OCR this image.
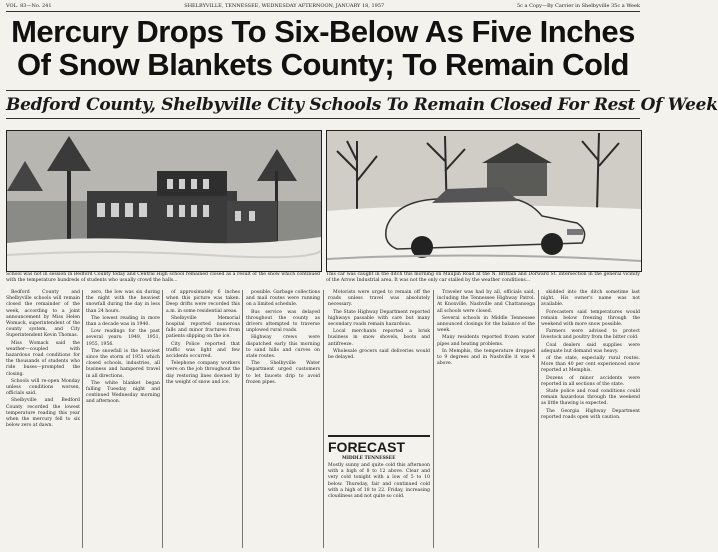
VOL. 83—No. 241	SHELBYVILLE, TENNESSEE, WEDNESDAY AFTERNOON, JANUARY 18, 1957	5c a Copy—By Carrier in Shelbyville 35c a Week
Mercury Drops To Six-Below As Five Inches
Of Snow Blankets County; To Remain Cold
Bedford County, Shelbyville City Schools To Remain Closed For Rest Of Week
School was not in session in Bedford County today and Central High school remained closed as a result of the snow which continued with the temperature hundreds of students who usually crowd the halls...
This car was caught in the ditch this morning on Maupin Road at the N. Brittain and Dorward St. intersection in the general vicinity of the Arrow Industrial area. It was not the only car stalled by the weather conditions...

Bedford County and Shelbyville schools will remain closed the remainder of the week, according to a joint announcement by Miss Helen Womack, superintendent of the county system, and City Superintendent Kevin Thomas.

Miss Womack said the weather—coupled with hazardous road conditions for the thousands of students who ride buses—prompted the closing.

Schools will re-open Monday unless conditions worsen, officials said.

Shelbyville and Bedford County recorded the lowest temperature reading this year when the mercury fell to six below zero at dawn.

zero, the low was six during the night with the heaviest snowfall during the day in less than 24 hours.

The lowest reading in more than a decade was in 1940.

Low readings for the past several years: 1949, 1951, 1955, 1956.

The snowfall is the heaviest since the storm of 1951 which closed schools, industries, all business and hampered travel in all directions.

The white blanket began falling Tuesday night and continued Wednesday morning and afternoon.

of approximately 6 inches when this picture was taken. Deep drifts were recorded this a.m. in some residential areas.

Shelbyville Memorial hospital reported numerous falls and minor fractures from patients slipping on the ice.

City Police reported that traffic was light and few accidents occurred.

Telephone company workers were on the job throughout the day restoring lines downed by the weight of snow and ice.

possible. Garbage collections and mail routes were running on a limited schedule.

Bus service was delayed throughout the county as drivers attempted to traverse unplowed rural roads.

Highway crews were dispatched early this morning to sand hills and curves on state routes.

The Shelbyville Water Department urged customers to let faucets drip to avoid frozen pipes.

Motorists were urged to remain off the roads unless travel was absolutely necessary.

The State Highway Department reported highways passable with care but many secondary roads remain hazardous.

Local merchants reported a brisk business in snow shovels, boots and antifreeze.

Wholesale grocers said deliveries would be delayed.

FORECAST
MIDDLE TENNESSEE
Mostly sunny and quite cold this afternoon with a high of 8 to 12 above. Clear and very cold tonight with a low of 5 to 10 below. Thursday, fair and continued cold with a high of 18 to 22. Friday, increasing cloudiness and not quite so cold.

Traveler was had by all, officials said, including the Tennessee Highway Patrol. At Knoxville, Nashville and Chattanooga all schools were closed.

Several schools in Middle Tennessee announced closings for the balance of the week.

Many residents reported frozen water pipes and heating problems.

In Memphis, the temperature dropped to 9 degrees and in Nashville it was 4 above.

skidded into the ditch sometime last night. His owner's name was not available.

Forecasters said temperatures would remain below freezing through the weekend with more snow possible.

Farmers were advised to protect livestock and poultry from the bitter cold.

Coal dealers said supplies were adequate but demand was heavy.

of the state, especially rural routes. More than 40 per cent experienced snow reported at Memphis.

Dozens of minor accidents were reported in all sections of the state.

State police and road conditions could remain hazardous through the weekend as little thawing is expected.

The Georgia Highway Department reported roads open with caution.
